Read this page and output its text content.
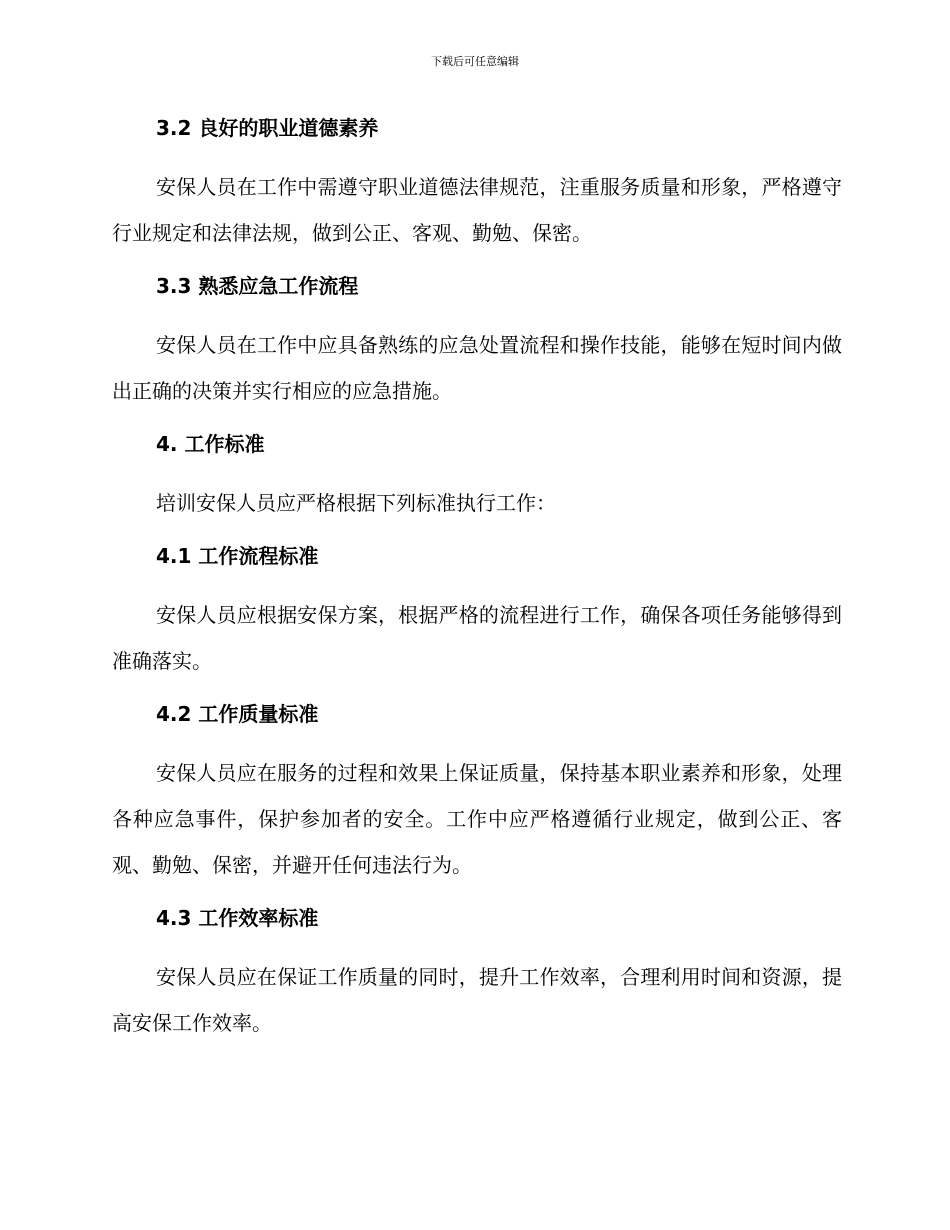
下载后可任意编辑
3.2 良好的职业道德素养

安保人员在工作中需遵守职业道德法律规范，注重服务质量和形象，严格遵守行业规定和法律法规，做到公正、客观、勤勉、保密。

3.3 熟悉应急工作流程

安保人员在工作中应具备熟练的应急处置流程和操作技能，能够在短时间内做出正确的决策并实行相应的应急措施。

4. 工作标准

培训安保人员应严格根据下列标准执行工作：

4.1 工作流程标准

安保人员应根据安保方案，根据严格的流程进行工作，确保各项任务能够得到准确落实。

4.2 工作质量标准

安保人员应在服务的过程和效果上保证质量，保持基本职业素养和形象，处理各种应急事件，保护参加者的安全。工作中应严格遵循行业规定，做到公正、客观、勤勉、保密，并避开任何违法行为。

4.3 工作效率标准

安保人员应在保证工作质量的同时，提升工作效率，合理利用时间和资源，提高安保工作效率。
